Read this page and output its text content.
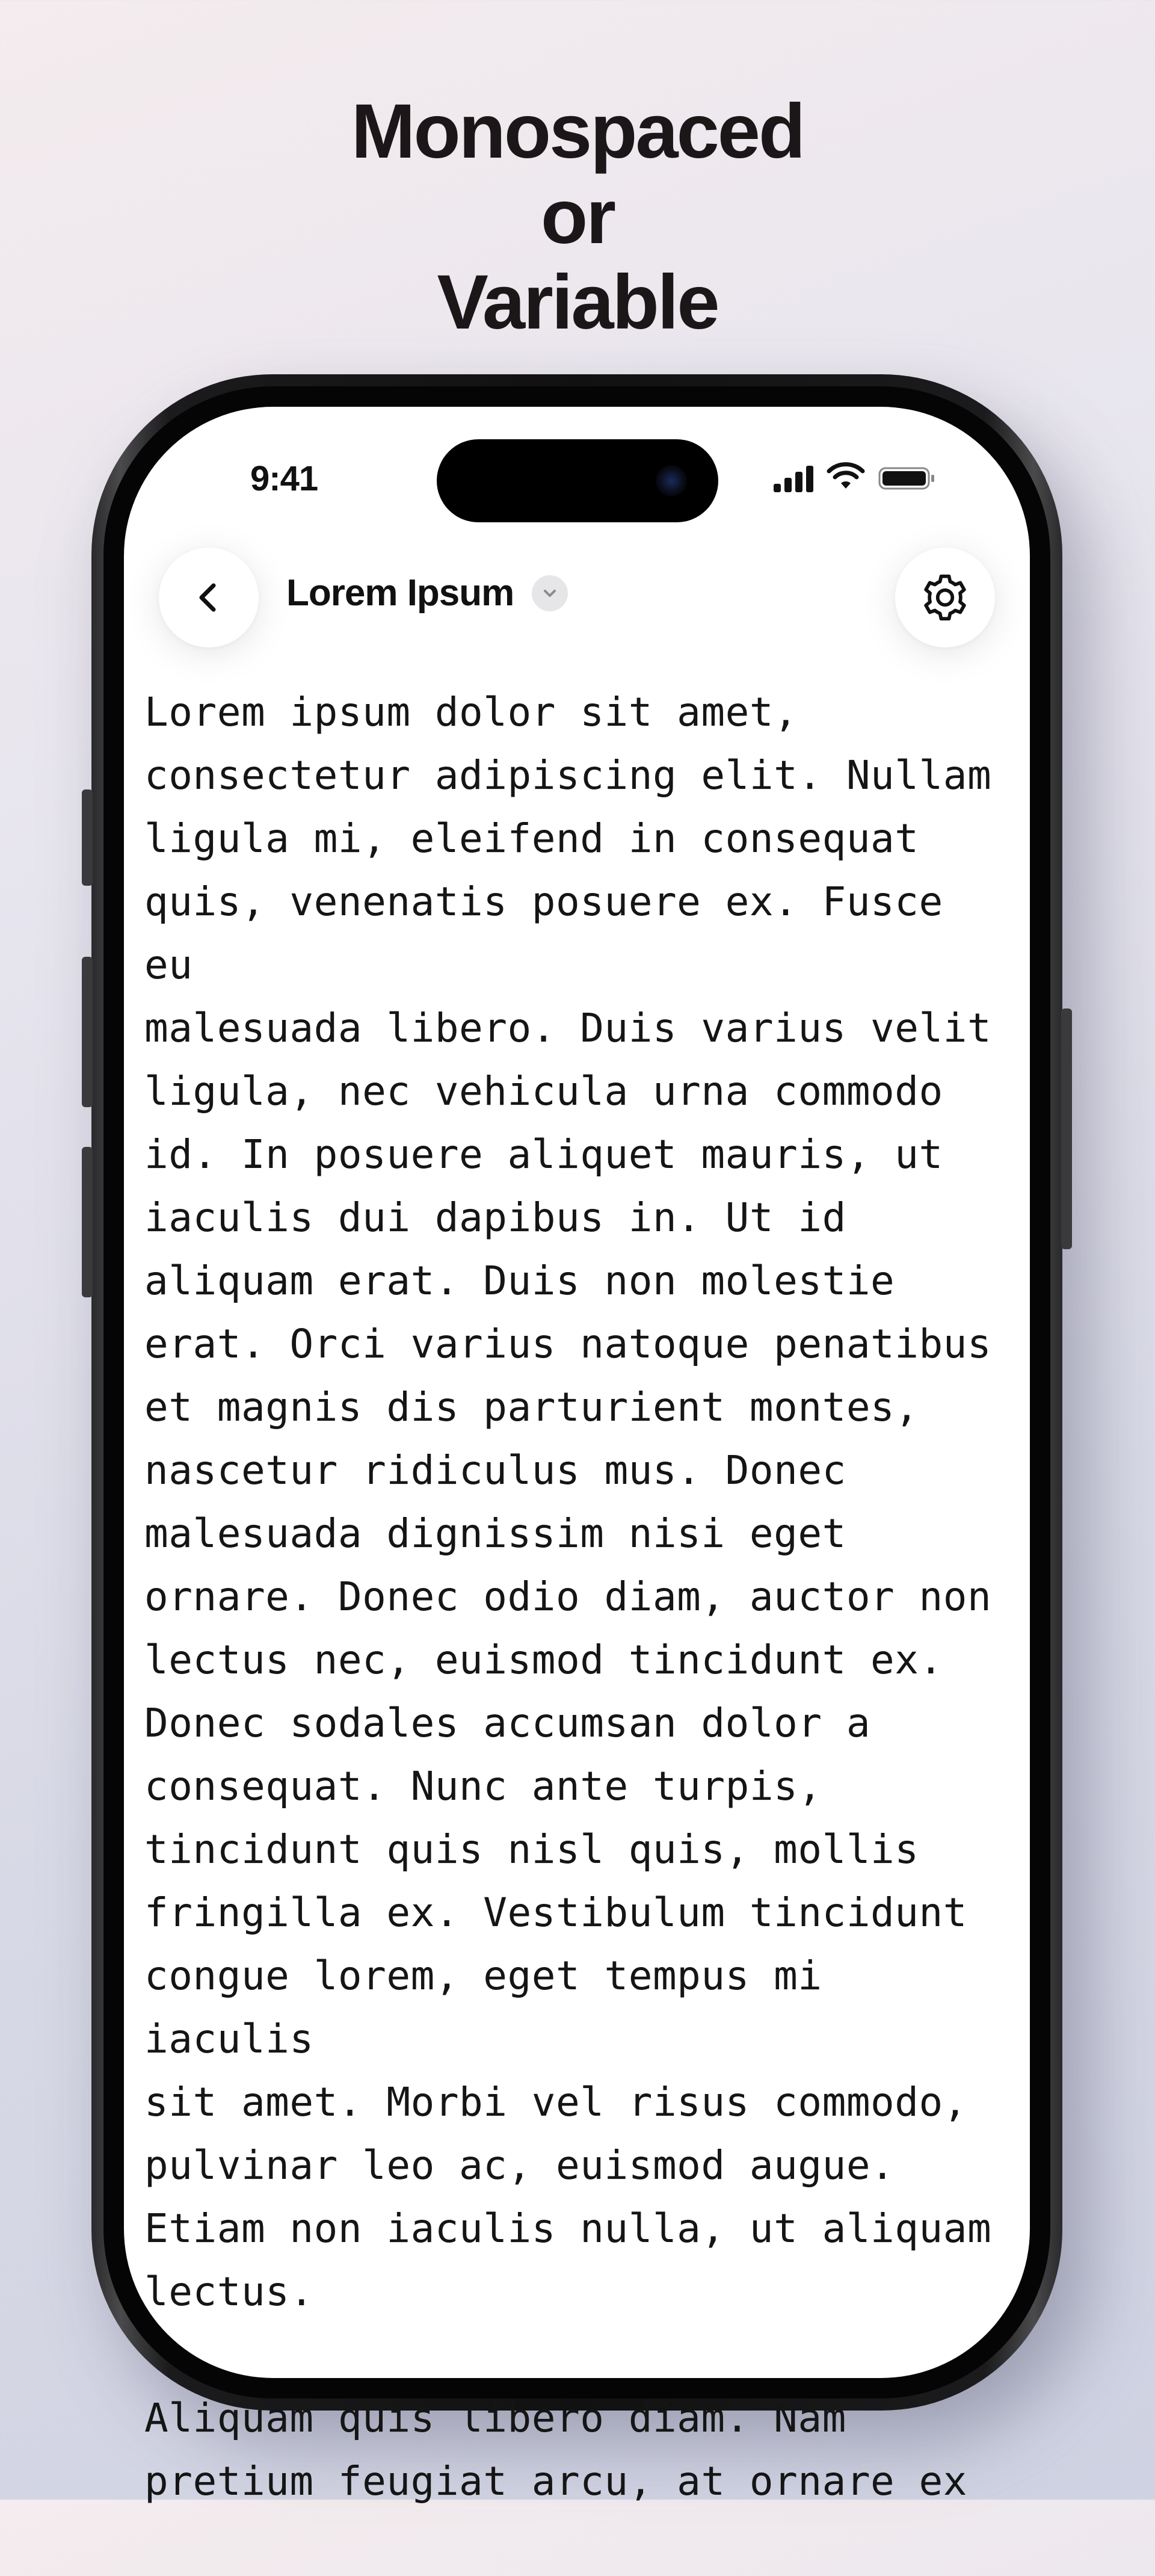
Monospaced
or
Variable
9:41
Lorem Ipsum

Lorem ipsum dolor sit amet,
consectetur adipiscing elit. Nullam
ligula mi, eleifend in consequat
quis, venenatis posuere ex. Fusce eu
malesuada libero. Duis varius velit
ligula, nec vehicula urna commodo
id. In posuere aliquet mauris, ut
iaculis dui dapibus in. Ut id
aliquam erat. Duis non molestie
erat. Orci varius natoque penatibus
et magnis dis parturient montes,
nascetur ridiculus mus. Donec
malesuada dignissim nisi eget
ornare. Donec odio diam, auctor non
lectus nec, euismod tincidunt ex.
Donec sodales accumsan dolor a
consequat. Nunc ante turpis,
tincidunt quis nisl quis, mollis
fringilla ex. Vestibulum tincidunt
congue lorem, eget tempus mi iaculis
sit amet. Morbi vel risus commodo,
pulvinar leo ac, euismod augue.
Etiam non iaculis nulla, ut aliquam
lectus.

Aliquam quis libero diam. Nam
pretium feugiat arcu, at ornare ex
